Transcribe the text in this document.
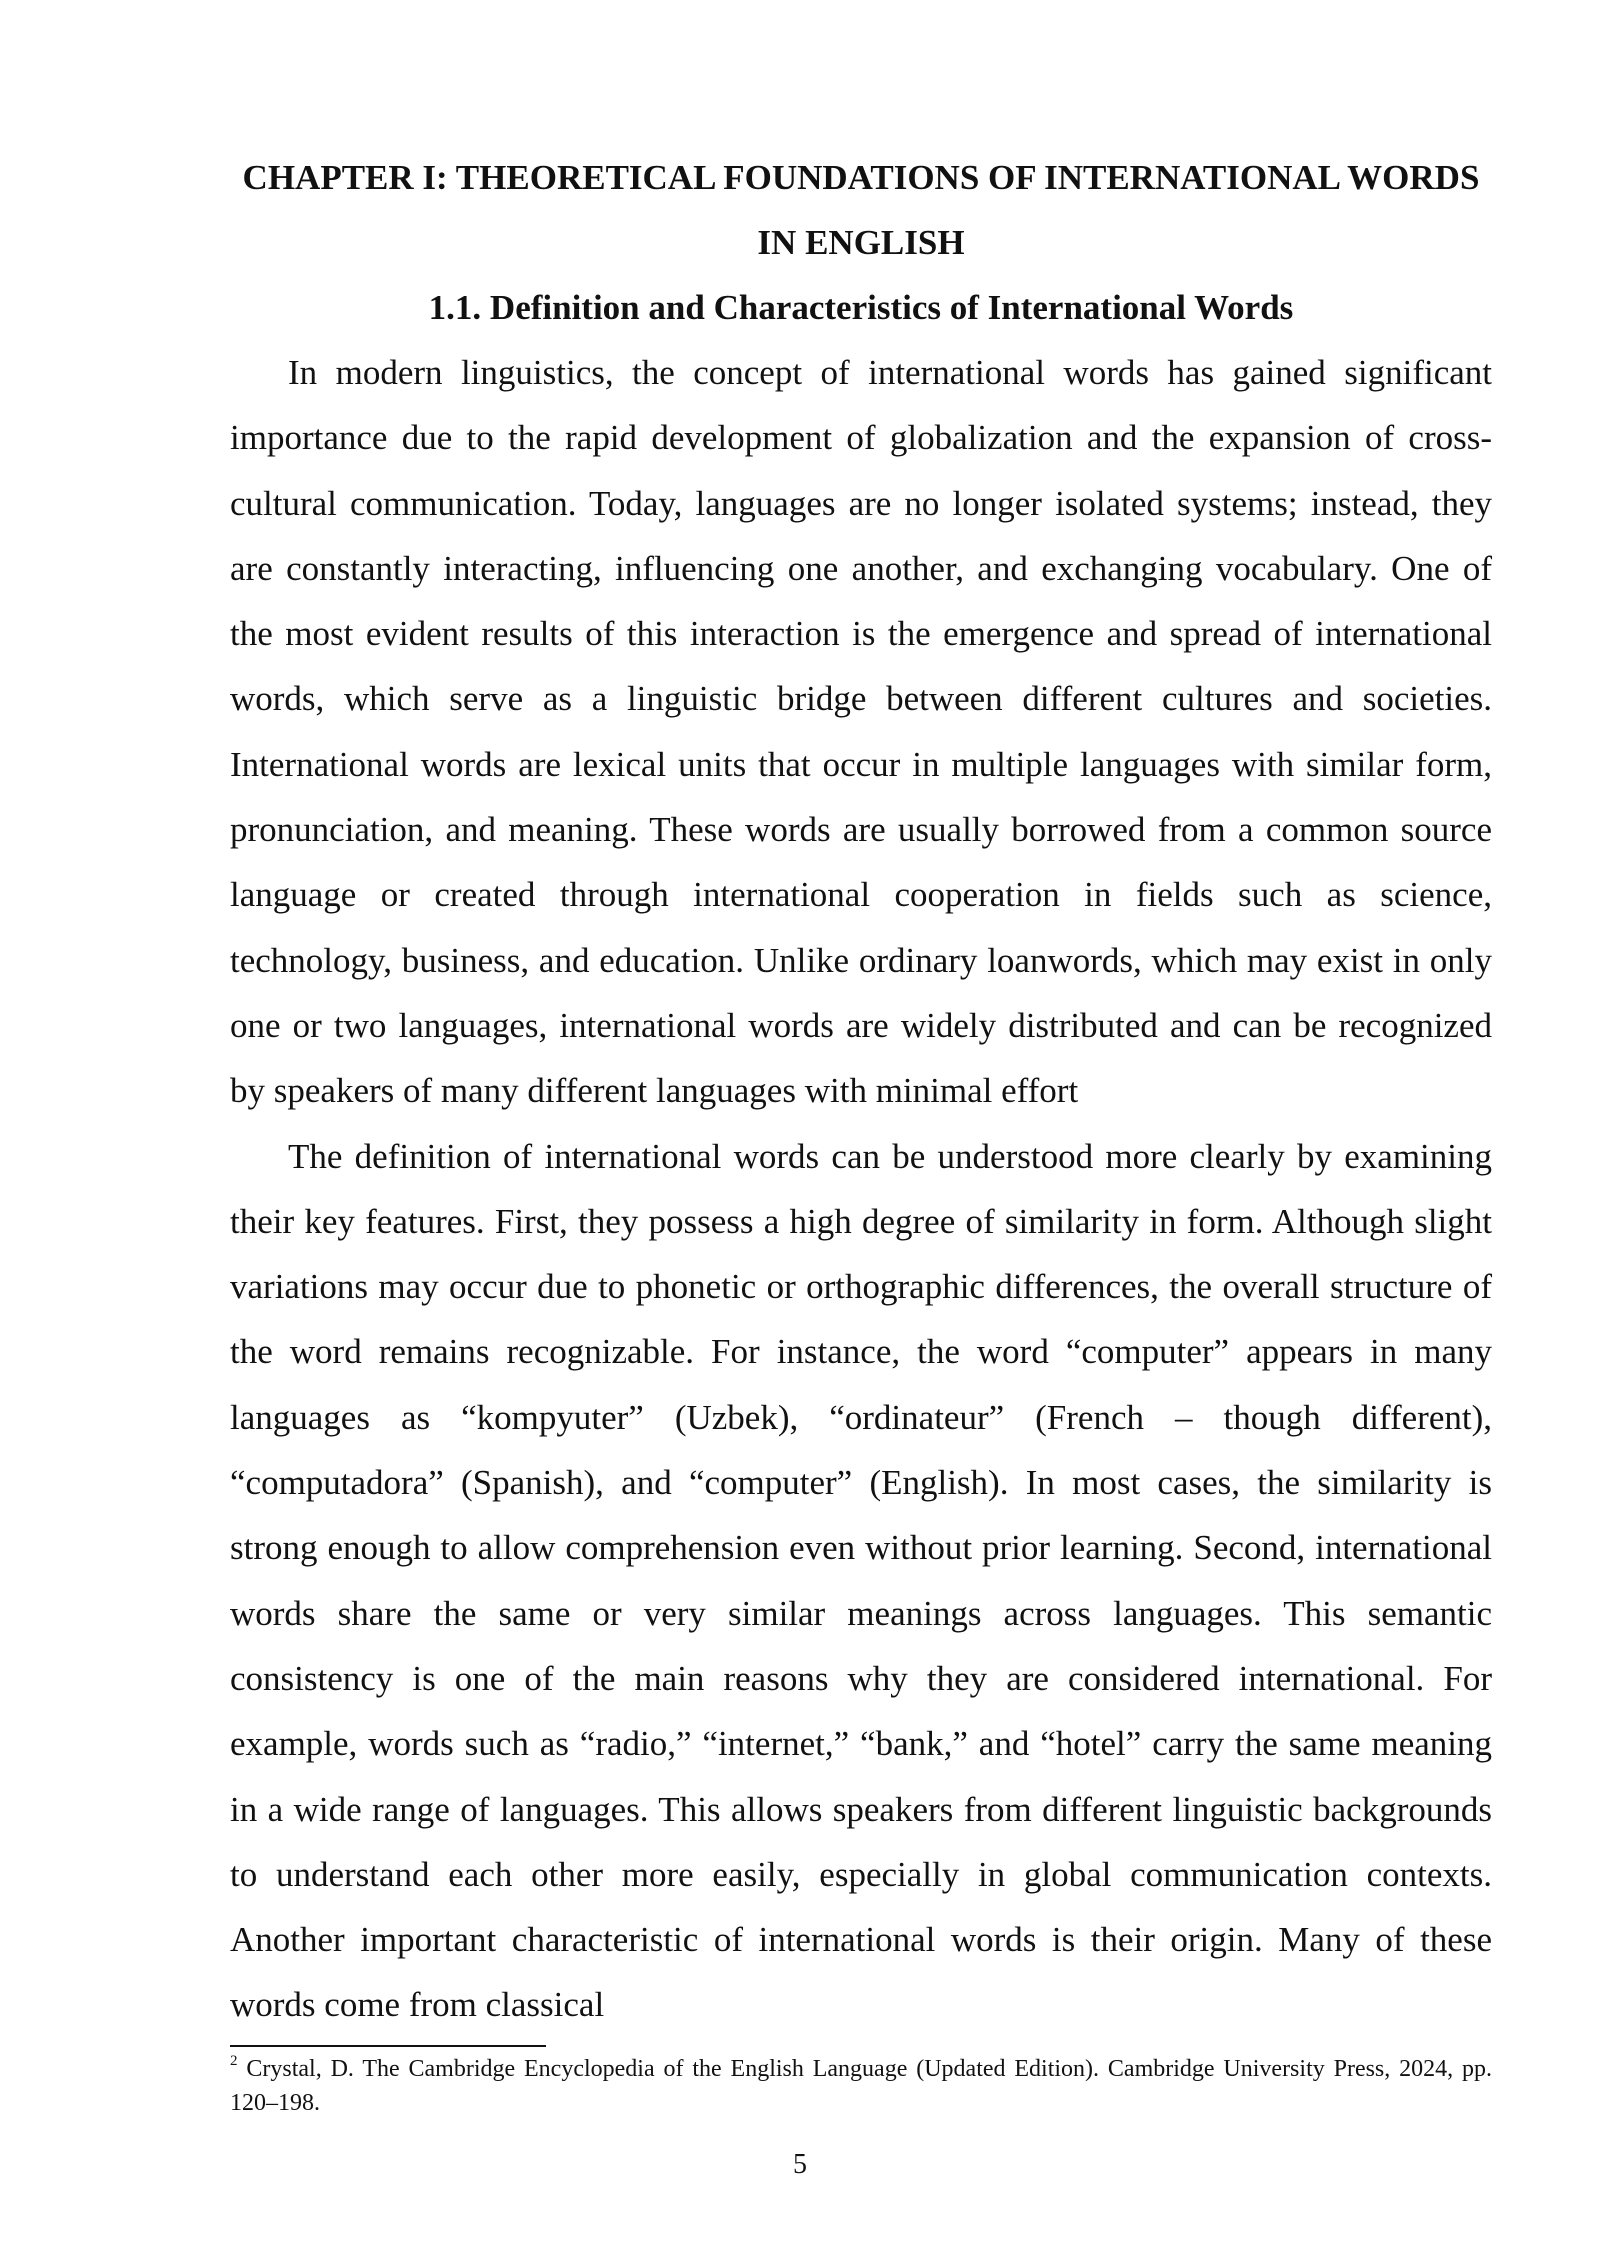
CHAPTER I: THEORETICAL FOUNDATIONS OF INTERNATIONAL WORDS IN ENGLISH
1.1. Definition and Characteristics of International Words

In modern linguistics, the concept of international words has gained significant importance due to the rapid development of globalization and the expansion of cross-cultural communication. Today, languages are no longer isolated systems; instead, they are constantly interacting, influencing one another, and exchanging vocabulary. One of the most evident results of this interaction is the emergence and spread of international words, which serve as a linguistic bridge between different cultures and societies. International words are lexical units that occur in multiple languages with similar form, pronunciation, and meaning. These words are usually borrowed from a common source language or created through international cooperation in fields such as science, technology, business, and education. Unlike ordinary loanwords, which may exist in only one or two languages, international words are widely distributed and can be recognized by speakers of many different languages with minimal effort

The definition of international words can be understood more clearly by examining their key features. First, they possess a high degree of similarity in form. Although slight variations may occur due to phonetic or orthographic differences, the overall structure of the word remains recognizable. For instance, the word “computer” appears in many languages as “kompyuter” (Uzbek), “ordinateur” (French – though different), “computadora” (Spanish), and “computer” (English). In most cases, the similarity is strong enough to allow comprehension even without prior learning. Second, international words share the same or very similar meanings across languages. This semantic consistency is one of the main reasons why they are considered international. For example, words such as “radio,” “internet,” “bank,” and “hotel” carry the same meaning in a wide range of languages. This allows speakers from different linguistic backgrounds to understand each other more easily, especially in global communication contexts. Another important characteristic of international words is their origin. Many of these words come from classical

$^2$ Crystal, D. The Cambridge Encyclopedia of the English Language (Updated Edition). Cambridge University Press, 2024, pp. 120–198.

5
